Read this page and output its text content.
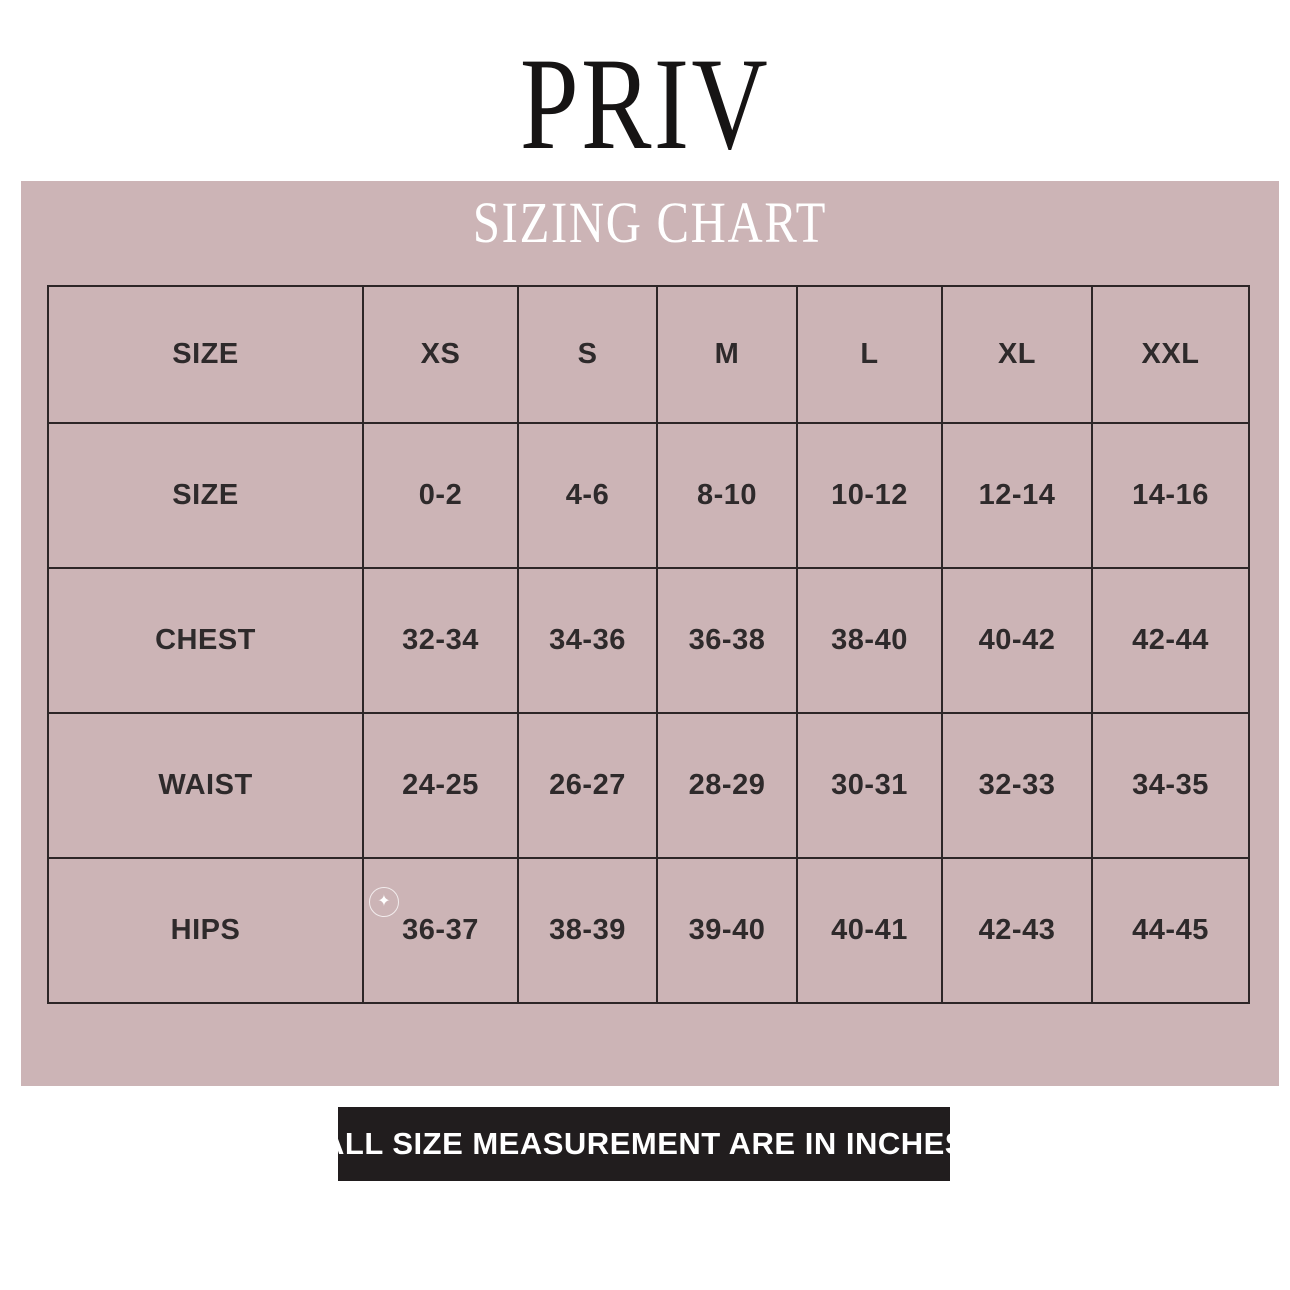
PRIV
SIZING CHART
SIZE	XS	S	M	L	XL	XXL
SIZE	0-2	4-6	8-10	10-12	12-14	14-16
CHEST	32-34	34-36	36-38	38-40	40-42	42-44
WAIST	24-25	26-27	28-29	30-31	32-33	34-35
HIPS	36-37	38-39	39-40	40-41	42-43	44-45
✦
ALL SIZE MEASUREMENT ARE IN INCHES
